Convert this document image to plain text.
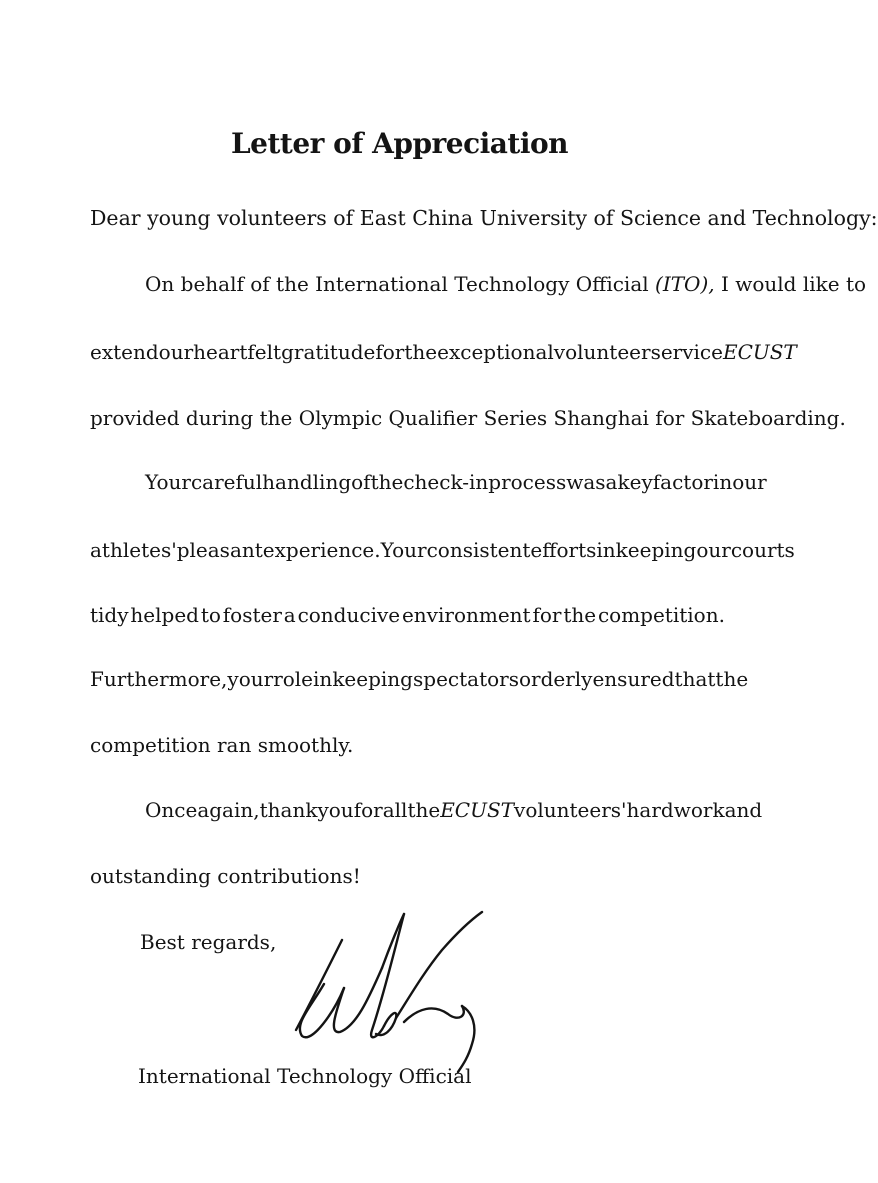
Letter of Appreciation
Dear young volunteers of East China University of Science and Technology:
On behalf of the International Technology Official (ITO), I would like to
extend our heartfelt gratitude for the exceptional volunteer service ECUST
provided during the Olympic Qualifier Series Shanghai for Skateboarding.
Your careful handling of the check-in process was a key factor in our
athletes' pleasant experience. Your consistent efforts in keeping our courts
tidy helped to foster a conducive environment for the competition.
Furthermore, your role in keeping spectators orderly ensured that the
competition ran smoothly.
Once again, thank you for all the ECUST volunteers' hard work and
outstanding contributions!
Best regards,
International Technology Official
